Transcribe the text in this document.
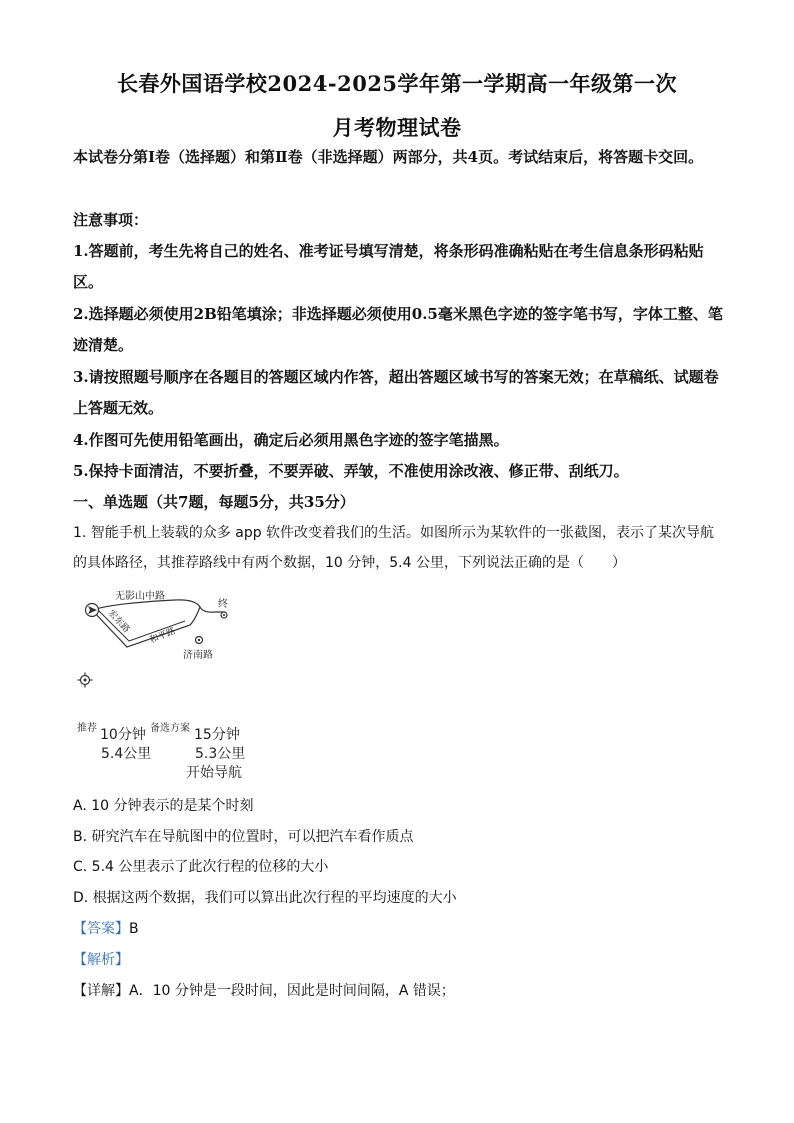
长春外国语学校2024-2025学年第一学期高一年级第一次
月考物理试卷
本试卷分第Ⅰ卷（选择题）和第Ⅱ卷（非选择题）两部分，共4页。考试结束后，将答题卡交回。
注意事项：
1.答题前，考生先将自己的姓名、准考证号填写清楚，将条形码准确粘贴在考生信息条形码粘贴区。
2.选择题必须使用2B铅笔填涂；非选择题必须使用0.5毫米黑色字迹的签字笔书写，字体工整、笔迹清楚。
3.请按照题号顺序在各题目的答题区域内作答，超出答题区域书写的答案无效；在草稿纸、试题卷上答题无效。
4.作图可先使用铅笔画出，确定后必须用黑色字迹的签字笔描黑。
5.保持卡面清洁，不要折叠，不要弄破、弄皱，不准使用涂改液、修正带、刮纸刀。
一、单选题（共7题，每题5分，共35分）
1. 智能手机上装载的众多 app 软件改变着我们的生活。如图所示为某软件的一张截图，表示了某次导航的具体路径，其推荐路线中有两个数据，10 分钟，5.4 公里，下列说法正确的是（　　）
无影山中路
宏东路
和平路
终
济南路
推荐 10分钟 备选方案 15分钟
5.4公里	5.3公里
开始导航
A. 10 分钟表示的是某个时刻
B. 研究汽车在导航图中的位置时，可以把汽车看作质点
C. 5.4 公里表示了此次行程的位移的大小
D. 根据这两个数据，我们可以算出此次行程的平均速度的大小
【答案】B
【解析】
【详解】A．10 分钟是一段时间，因此是时间间隔，A 错误；
